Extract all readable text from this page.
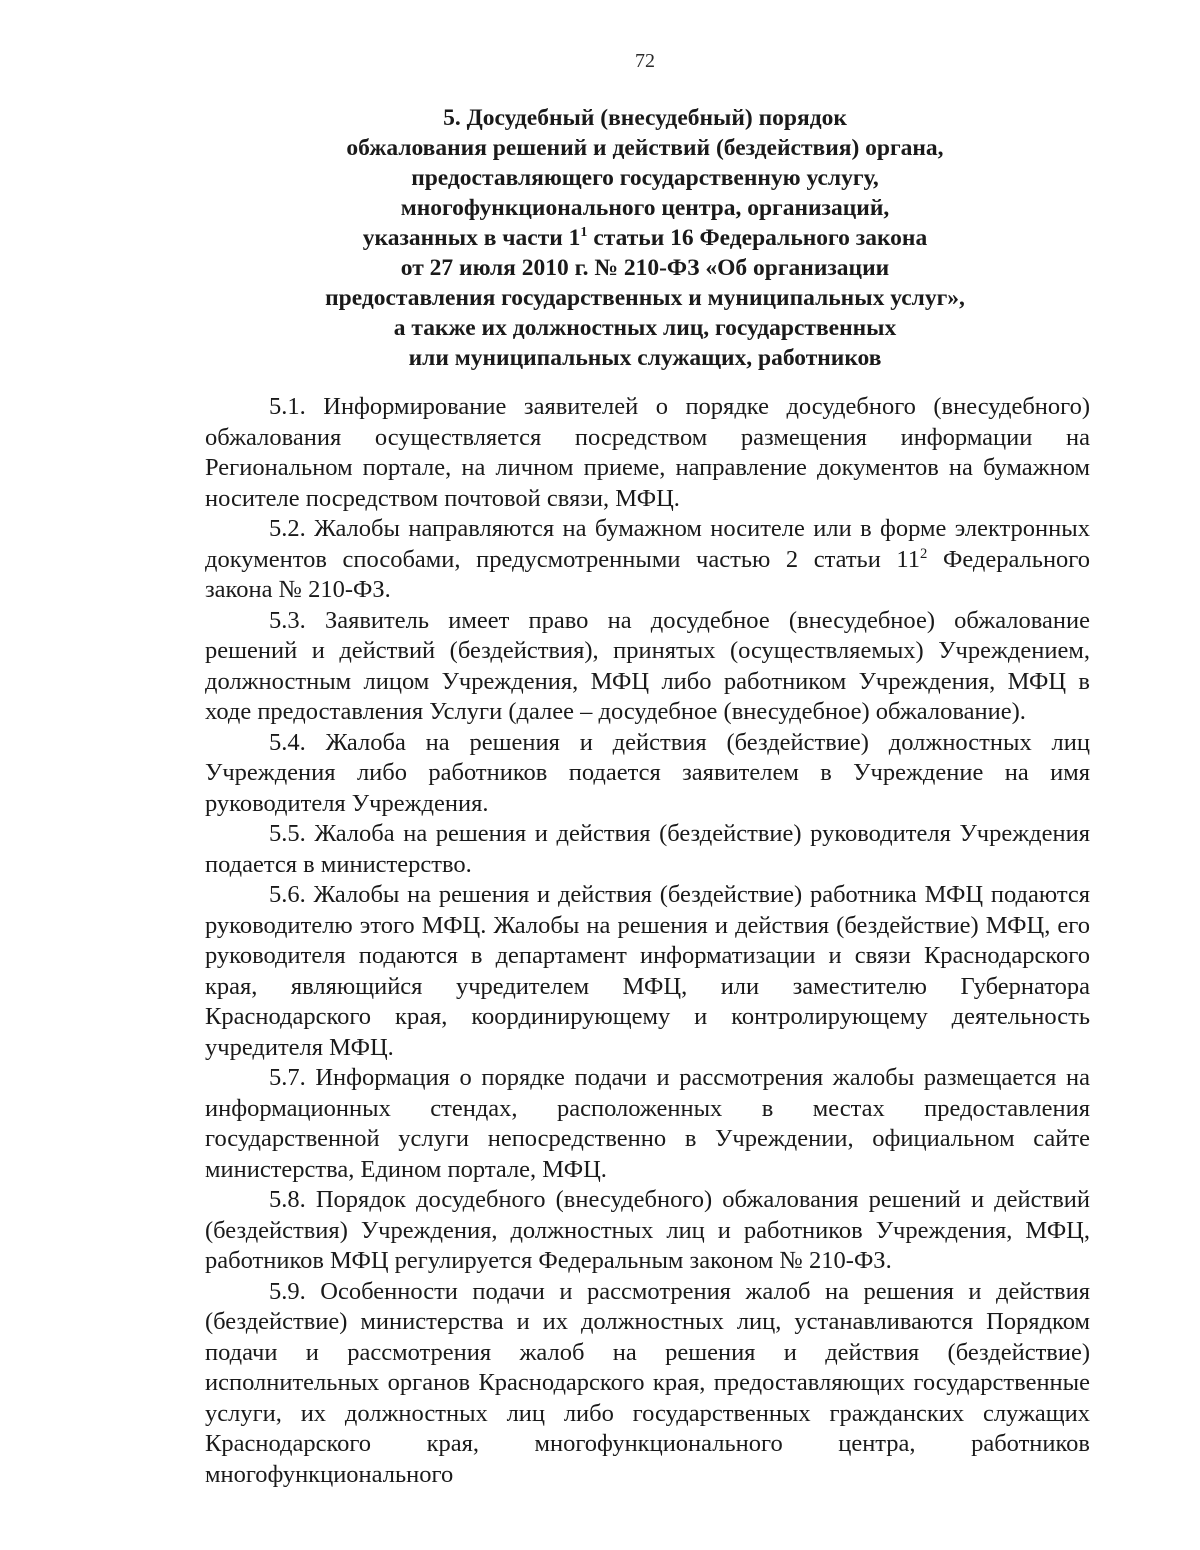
72
5. Досудебный (внесудебный) порядок
обжалования решений и действий (бездействия) органа,
предоставляющего государственную услугу,
многофункционального центра, организаций,
указанных в части $1^1$ статьи 16 Федерального закона
от 27 июля 2010 г. № 210-ФЗ «Об организации
предоставления государственных и муниципальных услуг»,
а также их должностных лиц, государственных
или муниципальных служащих, работников

5.1. Информирование заявителей о порядке досудебного (внесудебного) обжалования осуществляется посредством размещения информации на Региональном портале, на личном приеме, направление документов на бумажном носителе посредством почтовой связи, МФЦ.

5.2. Жалобы направляются на бумажном носителе или в форме электронных документов способами, предусмотренными частью 2 статьи $11^2$ Федерального закона № 210-ФЗ.

5.3. Заявитель имеет право на досудебное (внесудебное) обжалование решений и действий (бездействия), принятых (осуществляемых) Учреждением, должностным лицом Учреждения, МФЦ либо работником Учреждения, МФЦ в ходе предоставления Услуги (далее – досудебное (внесудебное) обжалование).

5.4. Жалоба на решения и действия (бездействие) должностных лиц Учреждения либо работников подается заявителем в Учреждение на имя руководителя Учреждения.

5.5. Жалоба на решения и действия (бездействие) руководителя Учреждения подается в министерство.

5.6. Жалобы на решения и действия (бездействие) работника МФЦ подаются руководителю этого МФЦ. Жалобы на решения и действия (бездействие) МФЦ, его руководителя подаются в департамент информатизации и связи Краснодарского края, являющийся учредителем МФЦ, или заместителю Губернатора Краснодарского края, координирующему и контролирующему деятельность учредителя МФЦ.

5.7. Информация о порядке подачи и рассмотрения жалобы размещается на информационных стендах, расположенных в местах предоставления государственной услуги непосредственно в Учреждении, официальном сайте министерства, Едином портале, МФЦ.

5.8. Порядок досудебного (внесудебного) обжалования решений и действий (бездействия) Учреждения, должностных лиц и работников Учреждения, МФЦ, работников МФЦ регулируется Федеральным законом № 210-ФЗ.

5.9. Особенности подачи и рассмотрения жалоб на решения и действия (бездействие) министерства и их должностных лиц, устанавливаются Порядком подачи и рассмотрения жалоб на решения и действия (бездействие) исполнительных органов Краснодарского края, предоставляющих государственные услуги, их должностных лиц либо государственных гражданских служащих Краснодарского края, многофункционального центра, работников многофункционального
